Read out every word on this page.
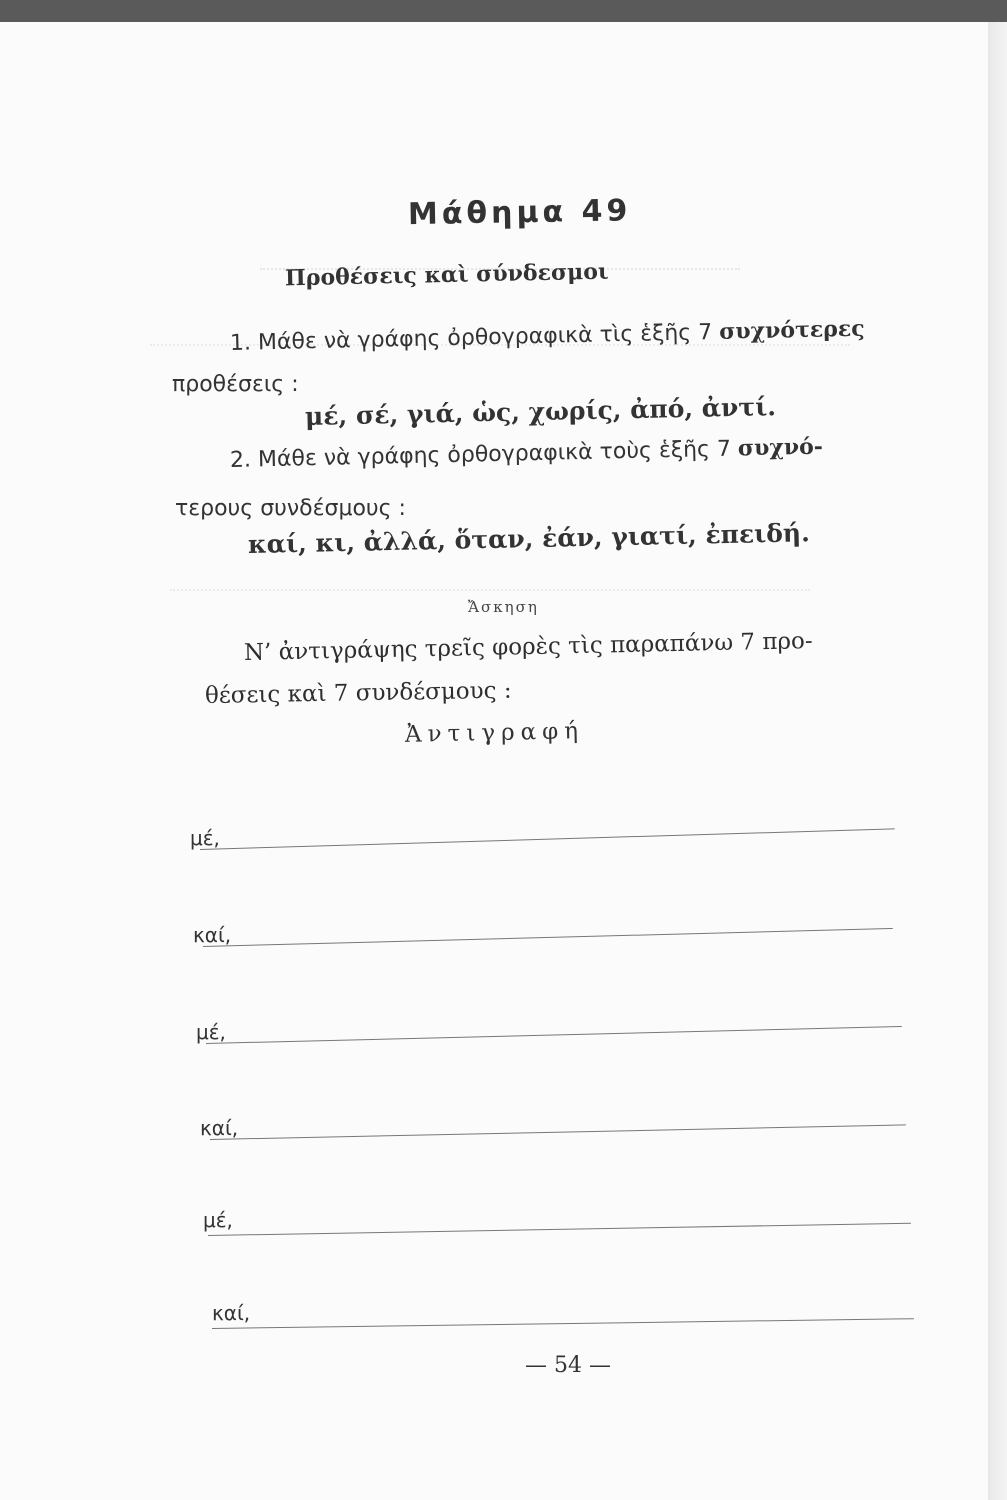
Μάθημα 49
Προθέσεις καὶ σύνδεσμοι
1. Μάθε νὰ γράφης ὀρθογραφικὰ τὶς ἑξῆς 7 συχνότερες
προθέσεις :
μέ, σέ, γιά, ὡς, χωρίς, ἀπό, ἀντί.
2. Μάθε νὰ γράφης ὀρθογραφικὰ τοὺς ἑξῆς 7 συχνό-
τερους συνδέσμους :
καί, κι, ἀλλά, ὅταν, ἐάν, γιατί, ἐπειδή.
Ἄσκηση
Ν’ ἀντιγράψης τρεῖς φορὲς τὶς παραπάνω 7 προ-
θέσεις καὶ 7 συνδέσμους :
Ἀντιγραφή
μέ,
καί,
μέ,
καί,
μέ,
καί,
— 54 —
